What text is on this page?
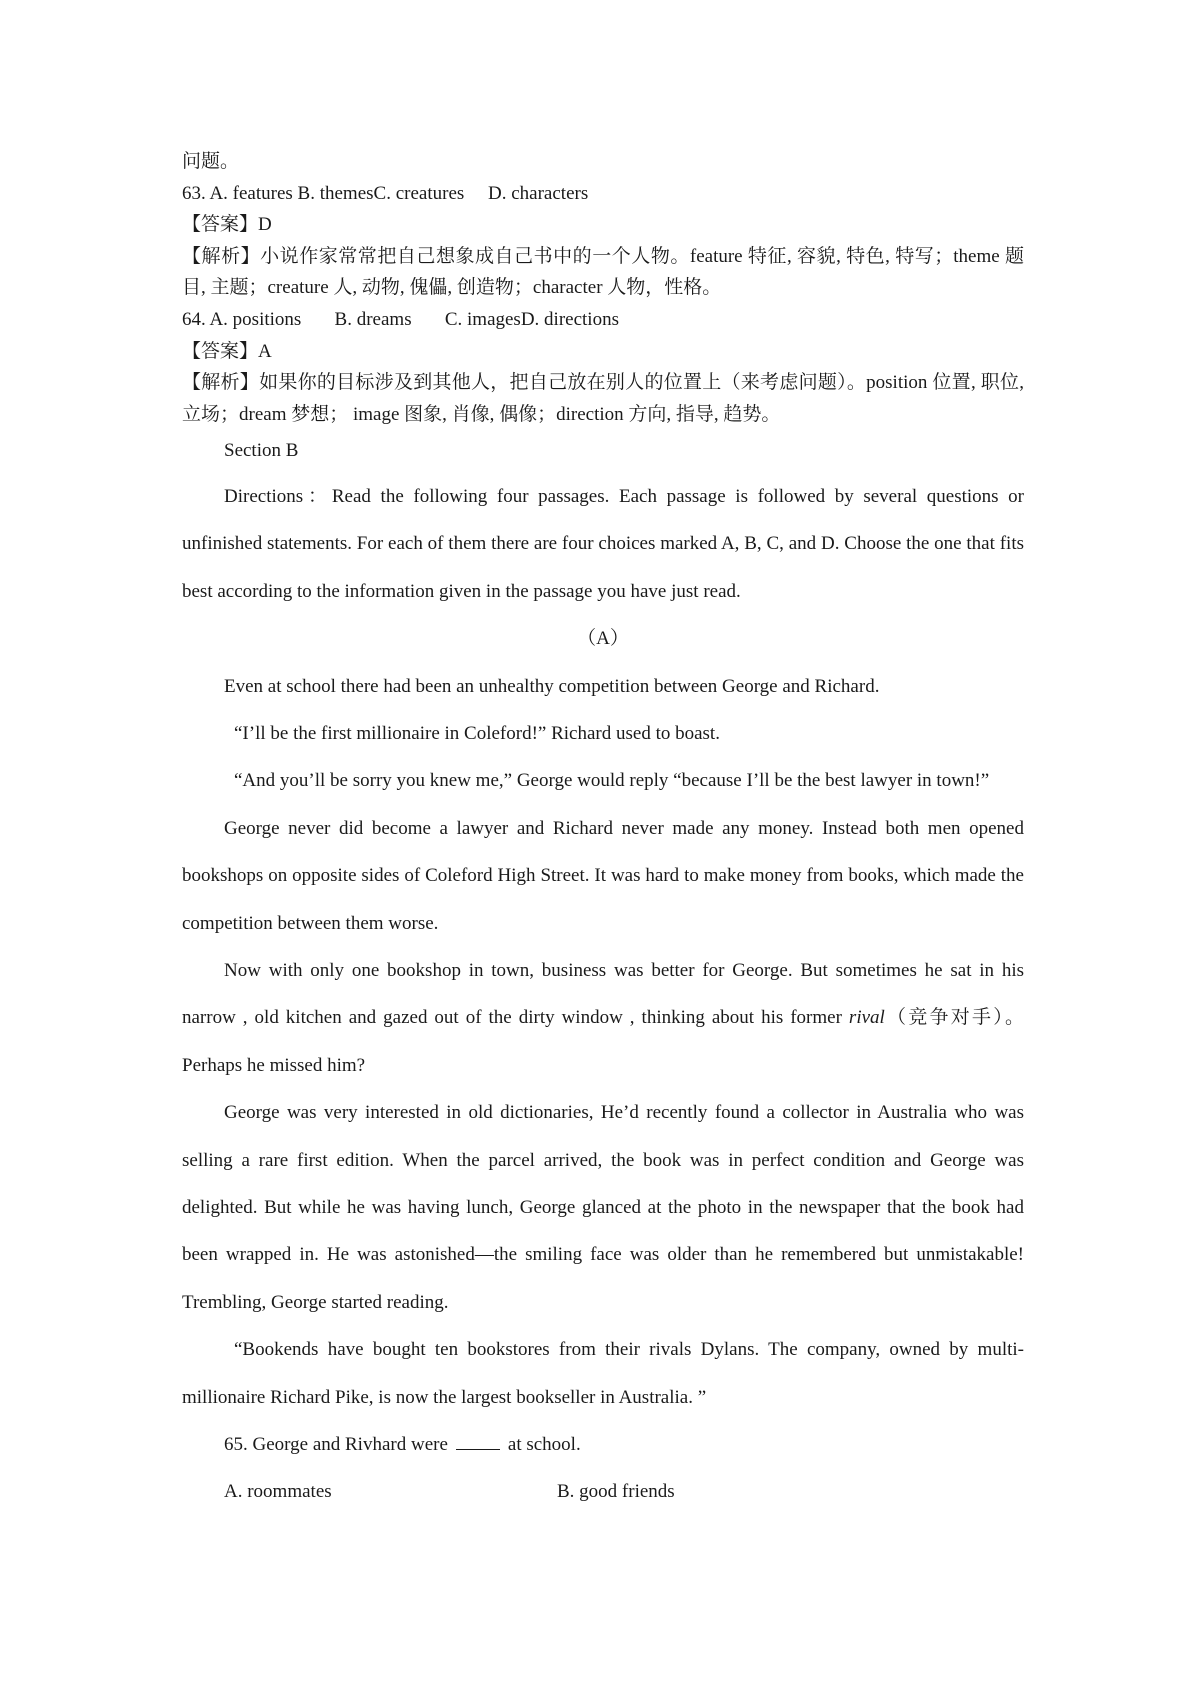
问题。

63. A. features B. themesC. creatures     D. characters

【答案】D

【解析】小说作家常常把自己想象成自己书中的一个人物。feature 特征, 容貌, 特色, 特写；theme 题目, 主题；creature 人, 动物, 傀儡, 创造物；character 人物，性格。

64. A. positions       B. dreams       C. imagesD. directions

【答案】A

【解析】如果你的目标涉及到其他人，把自己放在别人的位置上（来考虑问题）。position 位置, 职位, 立场；dream 梦想； image 图象, 肖像, 偶像；direction 方向, 指导, 趋势。

Section B

Directions：Read the following four passages. Each passage is followed by several questions or unfinished statements. For each of them there are four choices marked A, B, C, and D. Choose the one that fits best according to the information given in the passage you have just read.

（A）

Even at school there had been an unhealthy competition between George and Richard.

“I’ll be the first millionaire in Coleford!” Richard used to boast.

“And you’ll be sorry you knew me,” George would reply “because I’ll be the best lawyer in town!”

George never did become a lawyer and Richard never made any money. Instead both men opened bookshops on opposite sides of Coleford High Street. It was hard to make money from books, which made the competition between them worse.

Now with only one bookshop in town, business was better for George. But sometimes he sat in his narrow , old kitchen and gazed out of the dirty window , thinking about his former rival（竞争对手）。Perhaps he missed him?

George was very interested in old dictionaries, He’d recently found a collector in Australia who was selling a rare first edition. When the parcel arrived, the book was in perfect condition and George was delighted. But while he was having lunch, George glanced at the photo in the newspaper that the book had been wrapped in. He was astonished—the smiling face was older than he remembered but unmistakable! Trembling, George started reading.

“Bookends have bought ten bookstores from their rivals Dylans. The company, owned by multi-millionaire Richard Pike, is now the largest bookseller in Australia. ”

65. George and Rivhard were	at school.

A. roommates	B. good friends
